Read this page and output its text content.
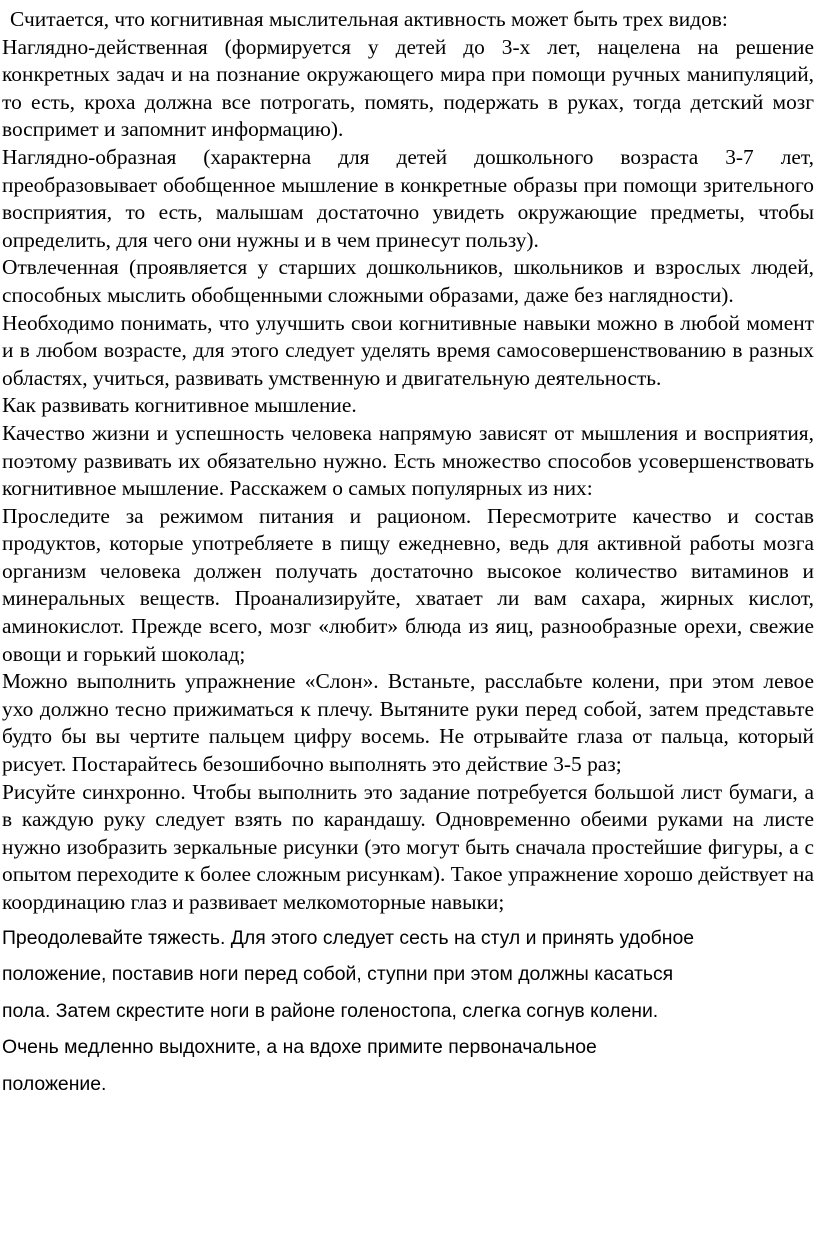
Считается, что когнитивная мыслительная активность может быть трех видов:

Наглядно-действенная (формируется у детей до 3-х лет, нацелена на решение конкретных задач и на познание окружающего мира при помощи ручных манипуляций, то есть, кроха должна все потрогать, помять, подержать в руках, тогда детский мозг воспримет и запомнит информацию).

Наглядно-образная (характерна для детей дошкольного возраста 3-7 лет, преобразовывает обобщенное мышление в конкретные образы при помощи зрительного восприятия, то есть, малышам достаточно увидеть окружающие предметы, чтобы определить, для чего они нужны и в чем принесут пользу).

Отвлеченная (проявляется у старших дошкольников, школьников и взрослых людей, способных мыслить обобщенными сложными образами, даже без наглядности).

Необходимо понимать, что улучшить свои когнитивные навыки можно в любой момент и в любом возрасте, для этого следует уделять время самосовершенствованию в разных областях, учиться, развивать умственную и двигательную деятельность.

Как развивать когнитивное мышление.

Качество жизни и успешность человека напрямую зависят от мышления и восприятия, поэтому развивать их обязательно нужно. Есть множество способов усовершенствовать когнитивное мышление. Расскажем о самых популярных из них:

Проследите за режимом питания и рационом. Пересмотрите качество и состав продуктов, которые употребляете в пищу ежедневно, ведь для активной работы мозга организм человека должен получать достаточно высокое количество витаминов и минеральных веществ. Проанализируйте, хватает ли вам сахара, жирных кислот, аминокислот. Прежде всего, мозг «любит» блюда из яиц, разнообразные орехи, свежие овощи и горький шоколад;

Можно выполнить упражнение «Слон». Встаньте, расслабьте колени, при этом левое ухо должно тесно прижиматься к плечу. Вытяните руки перед собой, затем представьте будто бы вы чертите пальцем цифру восемь. Не отрывайте глаза от пальца, который рисует. Постарайтесь безошибочно выполнять это действие 3-5 раз;

Рисуйте синхронно. Чтобы выполнить это задание потребуется большой лист бумаги, а в каждую руку следует взять по карандашу. Одновременно обеими руками на листе нужно изобразить зеркальные рисунки (это могут быть сначала простейшие фигуры, а с опытом переходите к более сложным рисункам). Такое упражнение хорошо действует на координацию глаз и развивает мелкомоторные навыки;

Преодолевайте тяжесть. Для этого следует сесть на стул и принять удобное

положение, поставив ноги перед собой, ступни при этом должны касаться

пола. Затем скрестите ноги в районе голеностопа, слегка согнув колени.

Очень медленно выдохните, а на вдохе примите первоначальное

положение.
